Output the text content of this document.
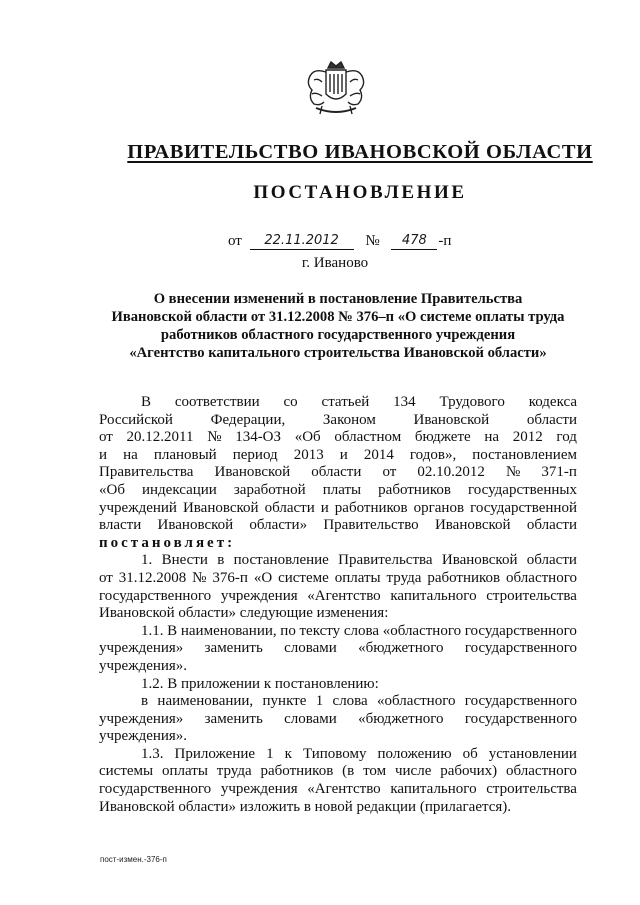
ПРАВИТЕЛЬСТВО ИВАНОВСКОЙ ОБЛАСТИ
ПОСТАНОВЛЕНИЕ
от 22.11.2012 № 478 -п
г. Иваново
О внесении изменений в постановление Правительства
Ивановской области от 31.12.2008 № 376–п «О системе оплаты труда
работников областного государственного учреждения
«Агентство капитального строительства Ивановской области»
В соответствии со статьей 134 Трудового кодекса
Российской	Федерации,	Законом	Ивановской	области
от 20.12.2011 № 134-ОЗ «Об областном бюджете на 2012 год
и на плановый период 2013 и 2014 годов», постановлением
Правительства Ивановской области от 02.10.2012 № 371-п
«Об индексации заработной платы работников государственных
учреждений Ивановской области и работников органов государственной
власти Ивановской области» Правительство Ивановской области
постановляет:
1. Внести в постановление Правительства Ивановской области
от 31.12.2008 № 376-п «О системе оплаты труда работников областного
государственного учреждения «Агентство капитального строительства
Ивановской области» следующие изменения:
1.1. В наименовании, по тексту слова «областного государственного
учреждения» заменить словами «бюджетного государственного
учреждения».
1.2. В приложении к постановлению:
в наименовании, пункте 1 слова «областного государственного
учреждения» заменить словами «бюджетного государственного
учреждения».
1.3. Приложение 1 к Типовому положению об установлении
системы оплаты труда работников (в том числе рабочих) областного
государственного учреждения «Агентство капитального строительства
Ивановской области» изложить в новой редакции (прилагается).
пост-измен.-376-п
